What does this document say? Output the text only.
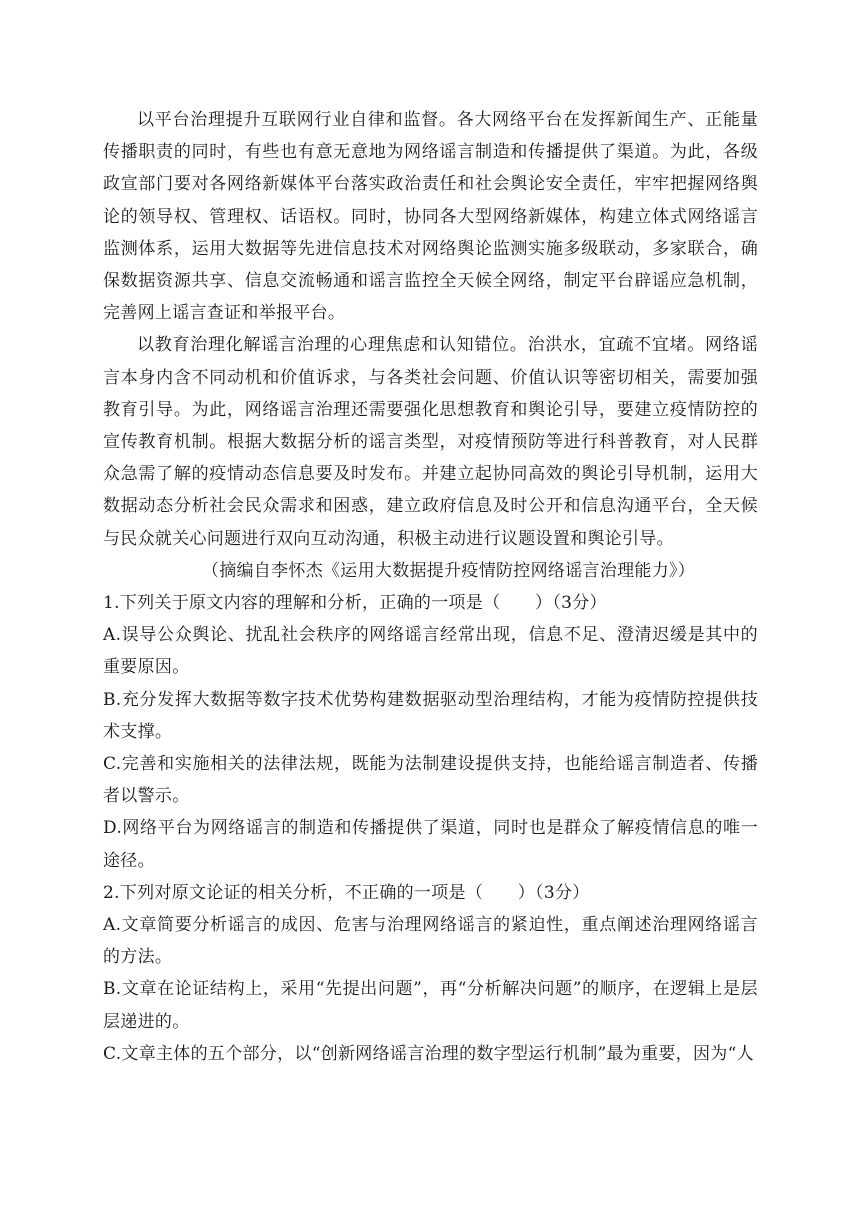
以平台治理提升互联网行业自律和监督。各大网络平台在发挥新闻生产、正能量传播职责的同时，有些也有意无意地为网络谣言制造和传播提供了渠道。为此，各级政宣部门要对各网络新媒体平台落实政治责任和社会舆论安全责任，牢牢把握网络舆论的领导权、管理权、话语权。同时，协同各大型网络新媒体，构建立体式网络谣言监测体系，运用大数据等先进信息技术对网络舆论监测实施多级联动，多家联合，确保数据资源共享、信息交流畅通和谣言监控全天候全网络，制定平台辟谣应急机制，完善网上谣言查证和举报平台。

以教育治理化解谣言治理的心理焦虑和认知错位。治洪水，宜疏不宜堵。网络谣言本身内含不同动机和价值诉求，与各类社会问题、价值认识等密切相关，需要加强教育引导。为此，网络谣言治理还需要强化思想教育和舆论引导，要建立疫情防控的宣传教育机制。根据大数据分析的谣言类型，对疫情预防等进行科普教育，对人民群众急需了解的疫情动态信息要及时发布。并建立起协同高效的舆论引导机制，运用大数据动态分析社会民众需求和困惑，建立政府信息及时公开和信息沟通平台，全天候与民众就关心问题进行双向互动沟通，积极主动进行议题设置和舆论引导。

（摘编自李怀杰《运用大数据提升疫情防控网络谣言治理能力》）

1.下列关于原文内容的理解和分析，正确的一项是（　　）（3分）

A.误导公众舆论、扰乱社会秩序的网络谣言经常出现，信息不足、澄清迟缓是其中的重要原因。

B.充分发挥大数据等数字技术优势构建数据驱动型治理结构，才能为疫情防控提供技术支撑。

C.完善和实施相关的法律法规，既能为法制建设提供支持，也能给谣言制造者、传播者以警示。

D.网络平台为网络谣言的制造和传播提供了渠道，同时也是群众了解疫情信息的唯一途径。

2.下列对原文论证的相关分析，不正确的一项是（　　）（3分）

A.文章简要分析谣言的成因、危害与治理网络谣言的紧迫性，重点阐述治理网络谣言的方法。

B.文章在论证结构上，采用“先提出问题”，再“分析解决问题”的顺序，在逻辑上是层层递进的。

C.文章主体的五个部分，以“创新网络谣言治理的数字型运行机制”最为重要，因为“人
